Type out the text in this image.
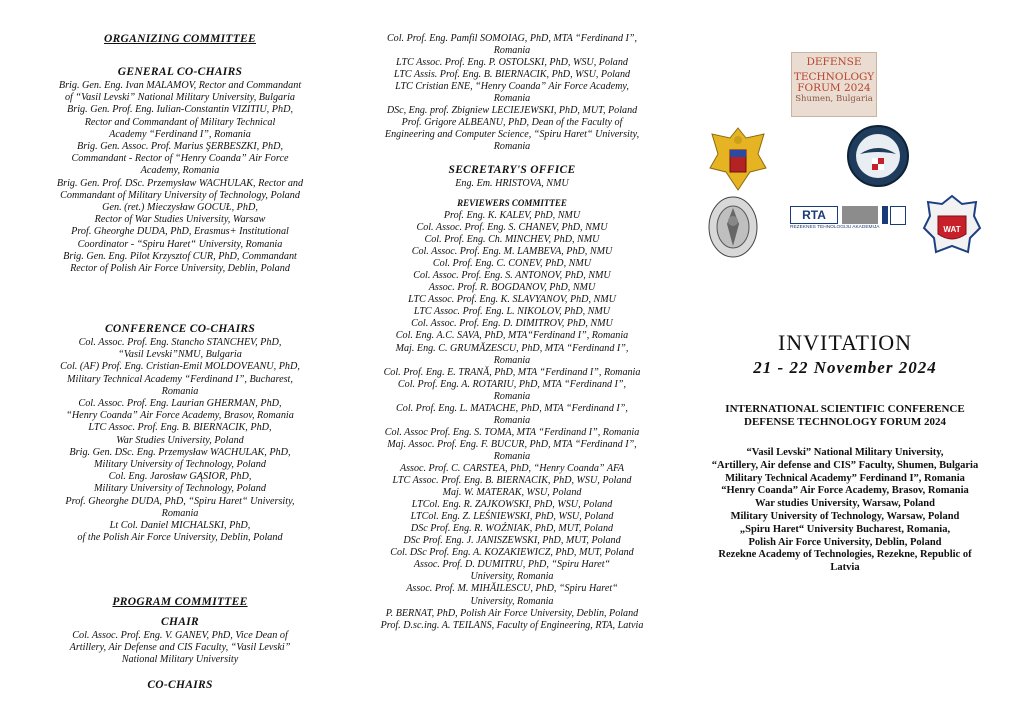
ORGANIZING COMMITTEE
GENERAL CO-CHAIRS
Brig. Gen. Eng. Ivan MALAMOV, Rector and Commandant
of “Vasil Levski” National Military University, Bulgaria
Brig. Gen. Prof. Eng. Iulian-Constantin VIZITIU, PhD,
Rector and Commandant of Military Technical
Academy “Ferdinand I”, Romania
Brig. Gen. Assoc. Prof. Marius ŞERBESZKI, PhD,
Commandant - Rector of “Henry Coanda” Air Force
Academy, Romania
Brig. Gen. Prof. DSc. Przemysław WACHULAK, Rector and
Commandant of Military University of Technology, Poland
Gen. (ret.) Mieczysław GOCUŁ, PhD,
Rector of War Studies University, Warsaw
Prof. Gheorghe DUDA, PhD, Erasmus+ Institutional
Coordinator - “Spiru Haret“ University, Romania
Brig. Gen. Eng. Pilot Krzysztof CUR, PhD, Commandant
Rector of Polish Air Force University, Deblin, Poland
CONFERENCE CO-CHAIRS
Col. Assoc. Prof. Eng. Stancho STANCHEV, PhD,
“Vasil Levski”NMU, Bulgaria
Col. (AF) Prof. Eng. Cristian-Emil MOLDOVEANU, PhD,
Military Technical Academy “Ferdinand I”, Bucharest,
Romania
Col. Assoc. Prof. Eng. Laurian GHERMAN, PhD,
“Henry Coanda” Air Force Academy, Brasov, Romania
LTC Assoc. Prof. Eng. B. BIERNACIK, PhD,
War Studies University, Poland
Brig. Gen. DSc. Eng. Przemysław WACHULAK, PhD,
Military University of Technology, Poland
Col. Eng. Jarosław GĄSIOR, PhD,
Military University of Technology, Poland
Prof. Gheorghe DUDA, PhD, “Spiru Haret“ University,
Romania
Lt Col. Daniel MICHALSKI, PhD,
of the Polish Air Force University, Deblin, Poland
PROGRAM COMMITTEE
CHAIR
Col. Assoc. Prof. Eng. V. GANEV, PhD, Vice Dean of
Artillery, Air Defense and CIS Faculty, “Vasil Levski”
National Military University
CO-CHAIRS
Col. Prof. Eng. Pamfil SOMOIAG, PhD, MTA “Ferdinand I”,
Romania
LTC Assoc. Prof. Eng. P. OSTOLSKI, PhD, WSU, Poland
LTC Assis. Prof. Eng. B. BIERNACIK, PhD, WSU, Poland
LTC Cristian ENE, “Henry Coanda” Air Force Academy,
Romania
DSc, Eng. prof. Zbigniew LECIEJEWSKI, PhD, MUT, Poland
Prof. Grigore ALBEANU, PhD, Dean of the Faculty of
Engineering and Computer Science, “Spiru Haret“ University,
Romania
SECRETARY'S OFFICE
Eng. Em. HRISTOVA, NMU
REVIEWERS COMMITTEE
Prof. Eng. K. KALEV, PhD, NMU
Col. Assoc. Prof. Eng. S. CHANEV, PhD, NMU
Col. Prof. Eng. Ch. MINCHEV, PhD, NMU
Col. Assoc. Prof. Eng. M. LAMBEVA, PhD, NMU
Col. Prof. Eng. C. CONEV, PhD, NMU
Col. Assoc. Prof. Eng. S. ANTONOV, PhD, NMU
Assoc. Prof. R. BOGDANOV, PhD, NMU
LTC Assoc. Prof. Eng. K. SLAVYANOV, PhD, NMU
LTC Assoc. Prof. Eng. L. NIKOLOV, PhD, NMU
Col. Assoc. Prof. Eng. D. DIMITROV, PhD, NMU
Col. Eng. A.C. SAVA, PhD, MTA“Ferdinand I”, Romania
Maj. Eng. C. GRUMĂZESCU, PhD, MTA “Ferdinand I”,
Romania
Col. Prof. Eng. E. TRANĂ, PhD, MTA “Ferdinand I”, Romania
Col. Prof. Eng. A. ROTARIU, PhD, MTA “Ferdinand I”,
Romania
Col. Prof. Eng. L. MATACHE, PhD, MTA “Ferdinand I”,
Romania
Col. Assoc Prof. Eng. S. TOMA, MTA “Ferdinand I”, Romania
Maj. Assoc. Prof. Eng. F. BUCUR, PhD, MTA “Ferdinand I”,
Romania
Assoc. Prof. C. CARSTEA, PhD, “Henry Coanda” AFA
LTC Assoc. Prof. Eng. B. BIERNACIK, PhD, WSU, Poland
Maj. W. MATERAK, WSU, Poland
LTCol. Eng. R. ZAJKOWSKI, PhD, WSU, Poland
LTCol. Eng. Z. LEŚNIEWSKI, PhD, WSU, Poland
DSc Prof. Eng. R. WOŹNIAK, PhD, MUT, Poland
DSc Prof. Eng. J. JANISZEWSKI, PhD, MUT, Poland
Col. DSc Prof. Eng. A. KOZAKIEWICZ, PhD, MUT, Poland
Assoc. Prof. D. DUMITRU, PhD, “Spiru Haret“
University, Romania
Assoc. Prof. M. MIHĂILESCU, PhD, “Spiru Haret“
University, Romania
P. BERNAT, PhD, Polish Air Force University, Deblin, Poland
Prof. D.sc.ing. A. TEILANS, Faculty of Engineering, RTA, Latvia
DEFENSE
TECHNOLOGY
FORUM 2024
Shumen, Bulgaria
RTA
REZEKNES TEHNOLOGIJU AKADEMIJA	WAT
INVITATION
21 - 22 November 2024
INTERNATIONAL SCIENTIFIC CONFERENCE
DEFENSE TECHNOLOGY FORUM 2024
“Vasil Levski” National Military University,
“Artillery, Air defense and CIS” Faculty, Shumen, Bulgaria
Military Technical Academy” Ferdinand I”, Romania
“Henry Coanda” Air Force Academy, Brasov, Romania
War studies University, Warsaw, Poland
Military University of Technology, Warsaw, Poland
„Spiru Haret“ University Bucharest, Romania,
Polish Air Force University, Deblin, Poland
Rezekne Academy of Technologies, Rezekne, Republic of
Latvia
